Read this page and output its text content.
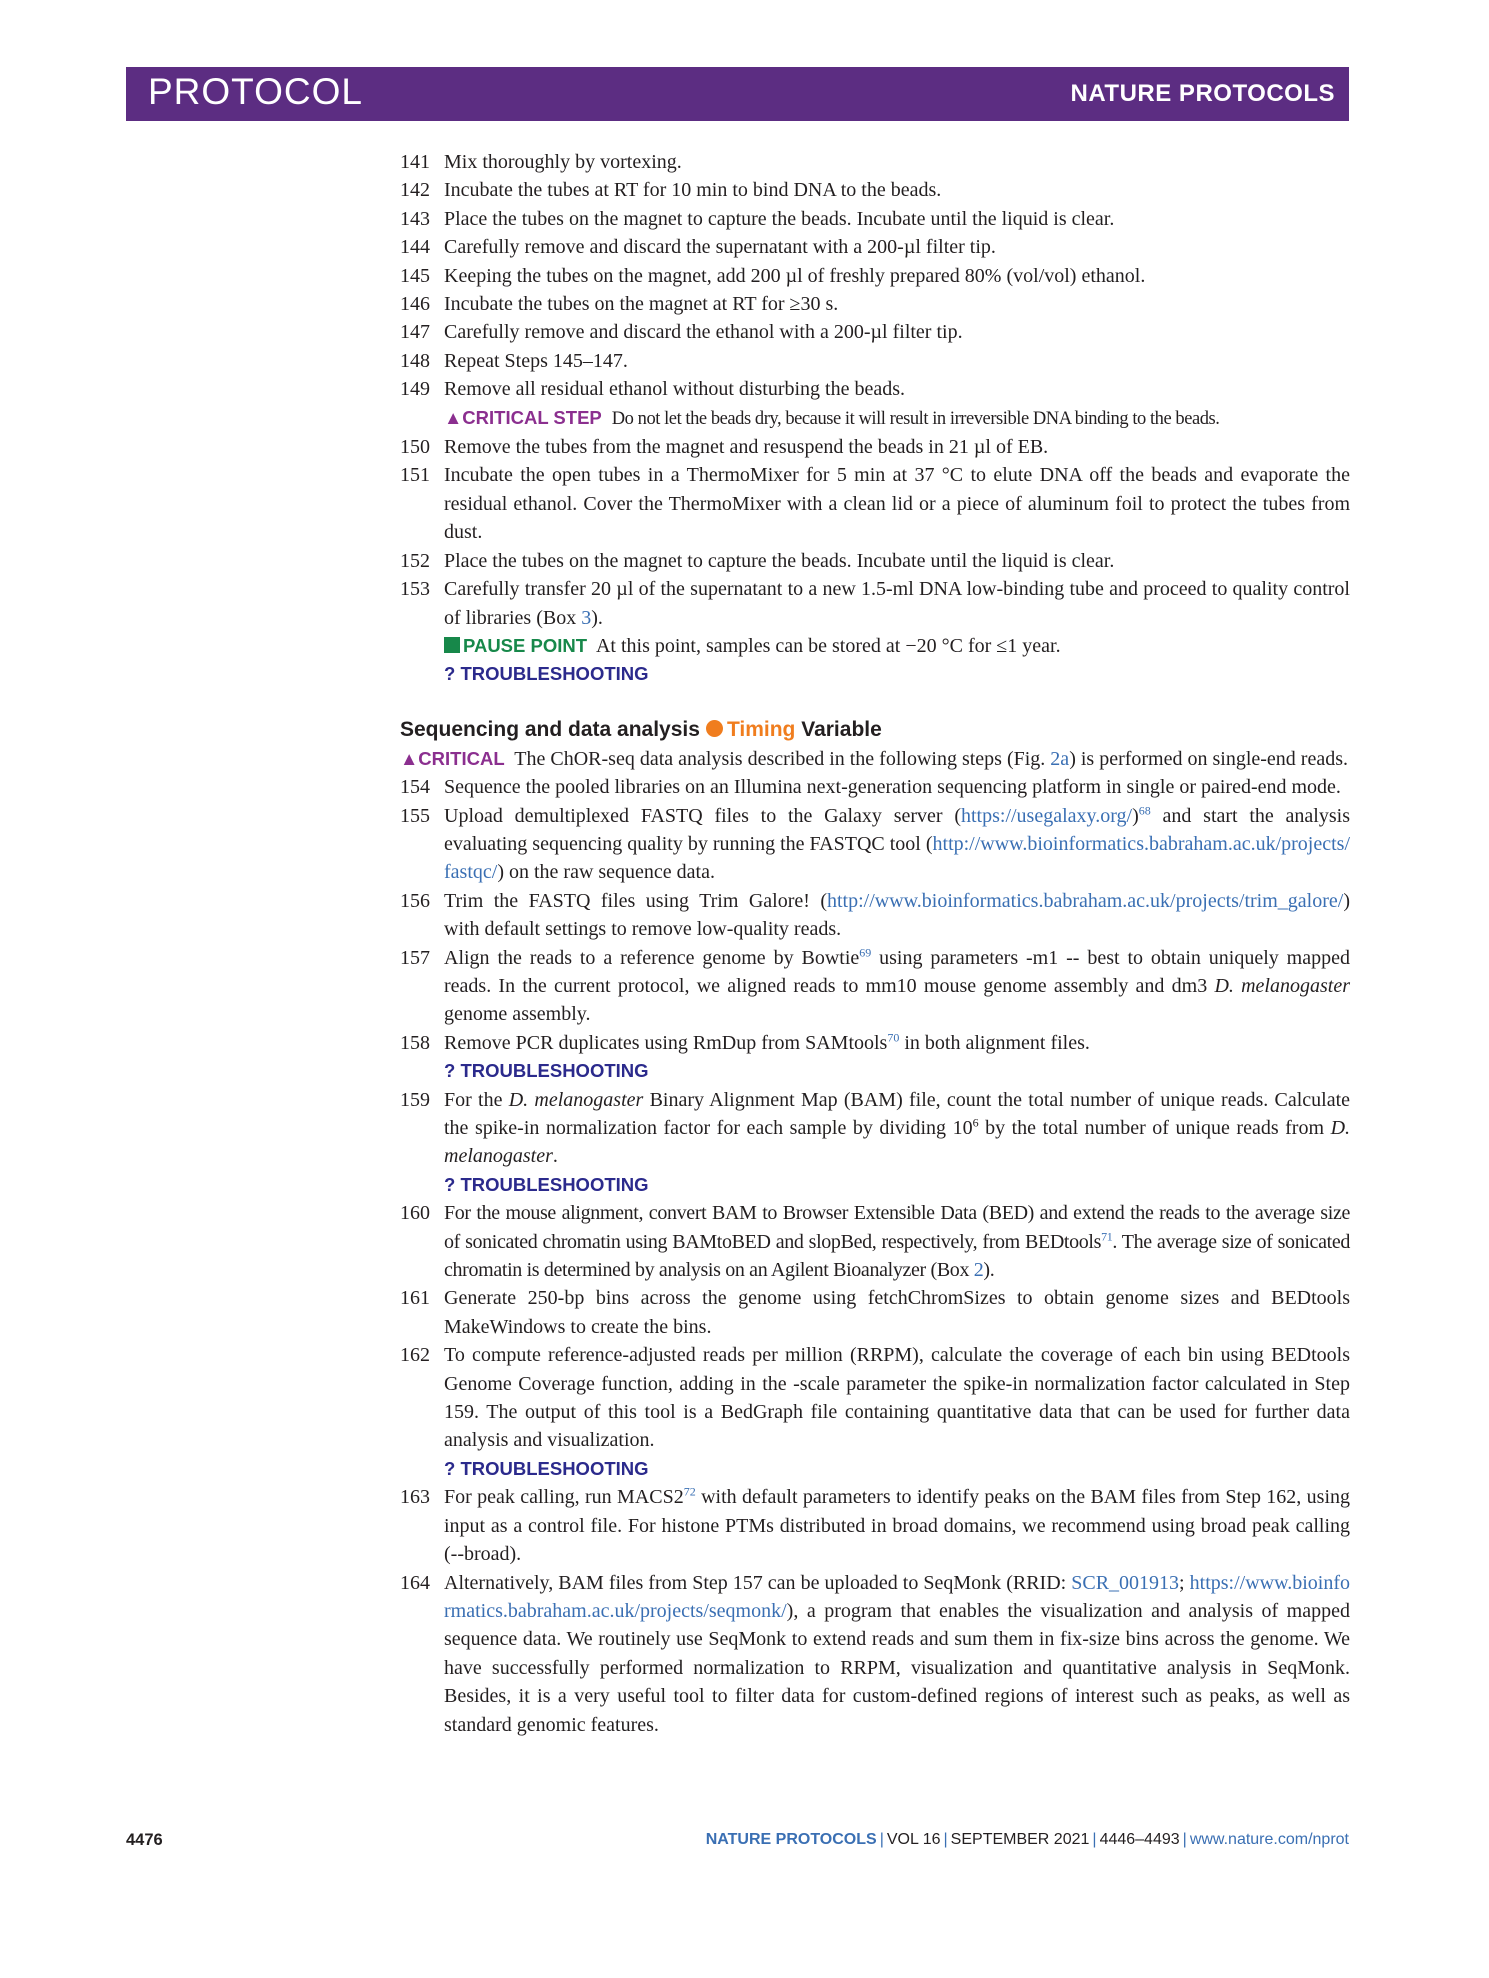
PROTOCOL	NATURE PROTOCOLS
141 Mix thoroughly by vortexing.
142 Incubate the tubes at RT for 10 min to bind DNA to the beads.
143 Place the tubes on the magnet to capture the beads. Incubate until the liquid is clear.
144 Carefully remove and discard the supernatant with a 200-µl filter tip.
145 Keeping the tubes on the magnet, add 200 µl of freshly prepared 80% (vol/vol) ethanol.
146 Incubate the tubes on the magnet at RT for ≥30 s.
147 Carefully remove and discard the ethanol with a 200-µl filter tip.
148 Repeat Steps 145–147.
149 Remove all residual ethanol without disturbing the beads.
▲CRITICAL STEP Do not let the beads dry, because it will result in irreversible DNA binding to the beads.
150 Remove the tubes from the magnet and resuspend the beads in 21 µl of EB.
151 Incubate the open tubes in a ThermoMixer for 5 min at 37 °C to elute DNA off the beads and evaporate the residual ethanol. Cover the ThermoMixer with a clean lid or a piece of aluminum foil to protect the tubes from dust.
152 Place the tubes on the magnet to capture the beads. Incubate until the liquid is clear.
153 Carefully transfer 20 µl of the supernatant to a new 1.5-ml DNA low-binding tube and proceed to quality control of libraries (Box 3).
PAUSE POINT At this point, samples can be stored at −20 °C for ≤1 year.
? TROUBLESHOOTING
Sequencing and data analysis Timing Variable
▲CRITICAL The ChOR-seq data analysis described in the following steps (Fig. 2a) is performed on single-end reads.
154 Sequence the pooled libraries on an Illumina next-generation sequencing platform in single or paired-end mode.
155 Upload demultiplexed FASTQ files to the Galaxy server (https://usegalaxy.org/)$^{68}$ and start the analysis evaluating sequencing quality by running the FASTQC tool (http://www.bioinformatics.babraham.ac.uk/projects/fastqc/) on the raw sequence data.
156 Trim the FASTQ files using Trim Galore! (http://www.bioinformatics.babraham.ac.uk/projects/trim_galore/) with default settings to remove low-quality reads.
157 Align the reads to a reference genome by Bowtie$^{69}$ using parameters -m1 -- best to obtain uniquely mapped reads. In the current protocol, we aligned reads to mm10 mouse genome assembly and dm3 D. melanogaster genome assembly.
158 Remove PCR duplicates using RmDup from SAMtools$^{70}$ in both alignment files.
? TROUBLESHOOTING
159 For the D. melanogaster Binary Alignment Map (BAM) file, count the total number of unique reads. Calculate the spike-in normalization factor for each sample by dividing $10^6$ by the total number of unique reads from D. melanogaster.
? TROUBLESHOOTING
160 For the mouse alignment, convert BAM to Browser Extensible Data (BED) and extend the reads to the average size of sonicated chromatin using BAMtoBED and slopBed, respectively, from BEDtools$^{71}$. The average size of sonicated chromatin is determined by analysis on an Agilent Bioanalyzer (Box 2).
161 Generate 250-bp bins across the genome using fetchChromSizes to obtain genome sizes and BEDtools MakeWindows to create the bins.
162 To compute reference-adjusted reads per million (RRPM), calculate the coverage of each bin using BEDtools Genome Coverage function, adding in the -scale parameter the spike-in normalization factor calculated in Step 159. The output of this tool is a BedGraph file containing quantitative data that can be used for further data analysis and visualization.
? TROUBLESHOOTING
163 For peak calling, run MACS2$^{72}$ with default parameters to identify peaks on the BAM files from Step 162, using input as a control file. For histone PTMs distributed in broad domains, we recommend using broad peak calling (--broad).
164 Alternatively, BAM files from Step 157 can be uploaded to SeqMonk (RRID: SCR_001913; https://www.bioinformatics.babraham.ac.uk/projects/seqmonk/), a program that enables the visualization and analysis of mapped sequence data. We routinely use SeqMonk to extend reads and sum them in fix-size bins across the genome. We have successfully performed normalization to RRPM, visualization and quantitative analysis in SeqMonk. Besides, it is a very useful tool to filter data for custom-defined regions of interest such as peaks, as well as standard genomic features.
4476	NATURE PROTOCOLS | VOL 16 | SEPTEMBER 2021 | 4446–4493 | www.nature.com/nprot
